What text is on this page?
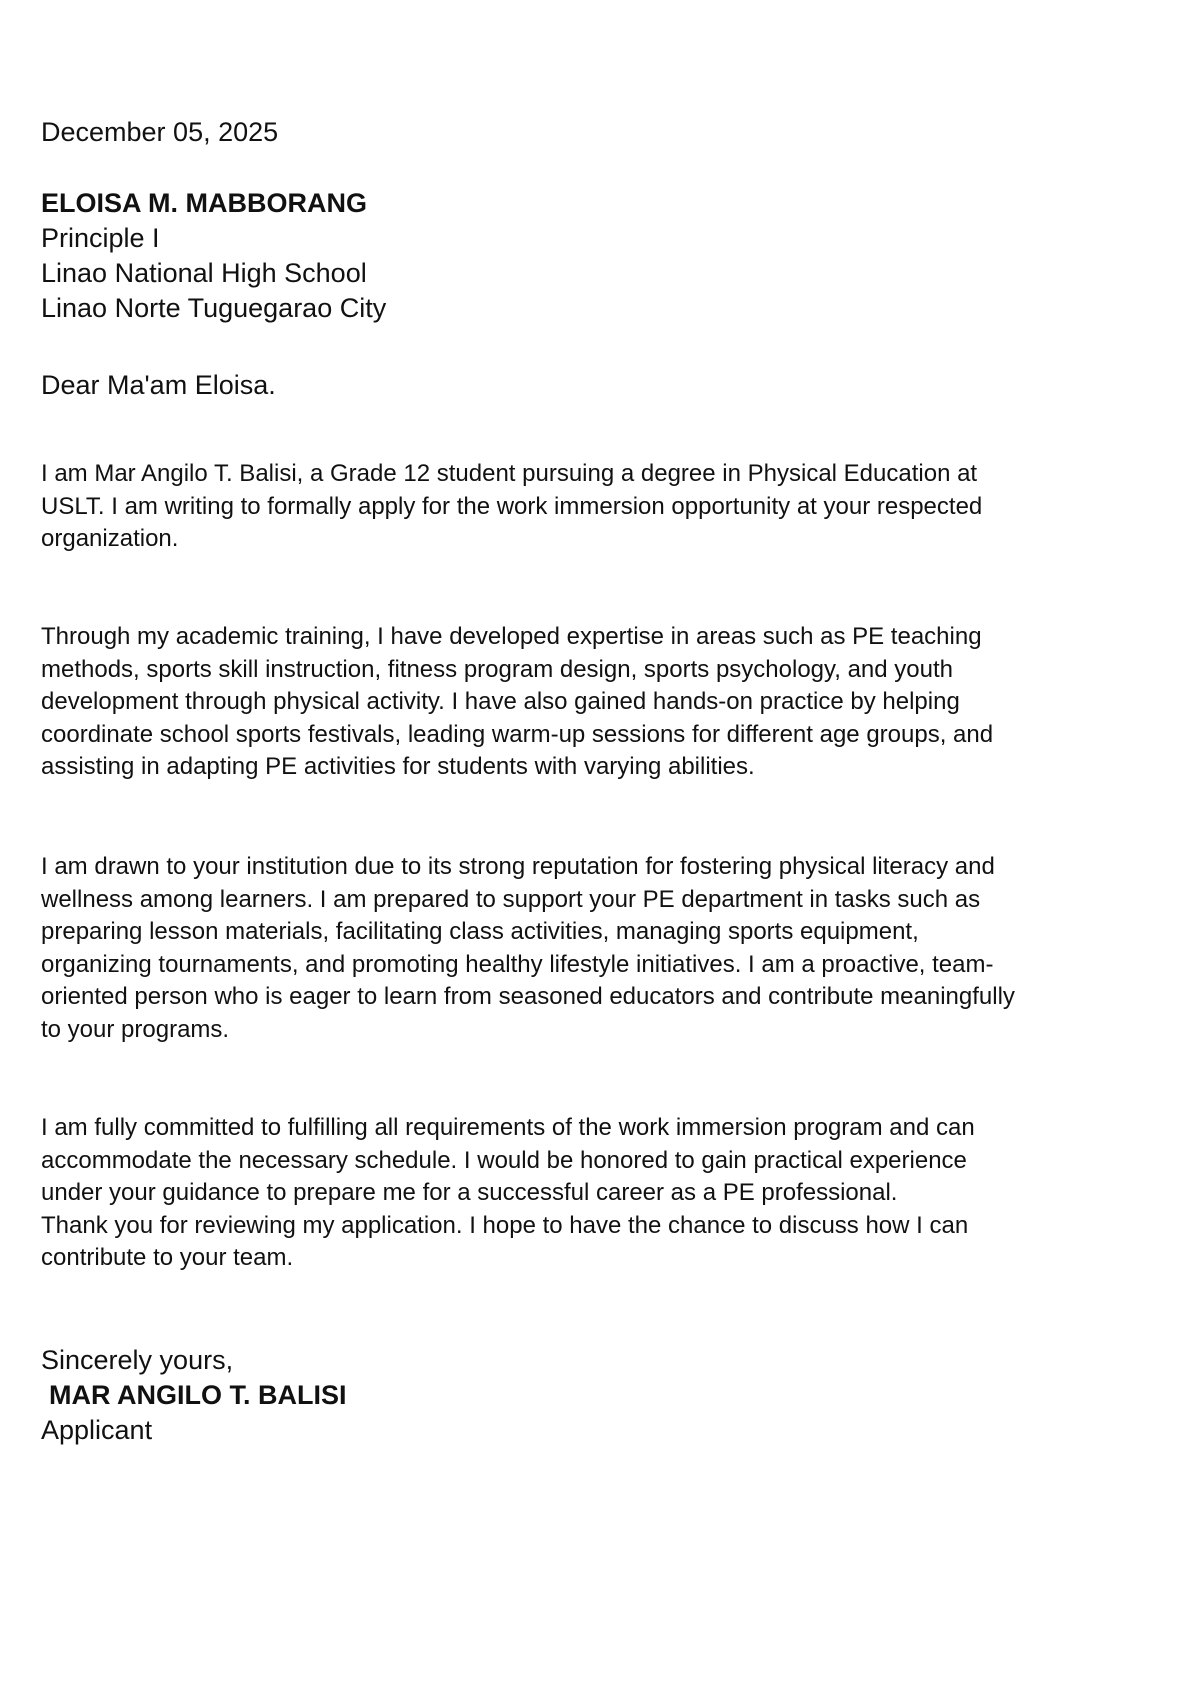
December 05, 2025

ELOISA M. MABBORANG
Principle I
Linao National High School
Linao Norte Tuguegarao City

Dear Ma'am Eloisa.

I am Mar Angilo T. Balisi, a Grade 12 student pursuing a degree in Physical Education at
USLT. I am writing to formally apply for the work immersion opportunity at your respected
organization.

Through my academic training, I have developed expertise in areas such as PE teaching
methods, sports skill instruction, fitness program design, sports psychology, and youth
development through physical activity. I have also gained hands-on practice by helping
coordinate school sports festivals, leading warm-up sessions for different age groups, and
assisting in adapting PE activities for students with varying abilities.

I am drawn to your institution due to its strong reputation for fostering physical literacy and
wellness among learners. I am prepared to support your PE department in tasks such as
preparing lesson materials, facilitating class activities, managing sports equipment,
organizing tournaments, and promoting healthy lifestyle initiatives. I am a proactive, team-
oriented person who is eager to learn from seasoned educators and contribute meaningfully
to your programs.

I am fully committed to fulfilling all requirements of the work immersion program and can
accommodate the necessary schedule. I would be honored to gain practical experience
under your guidance to prepare me for a successful career as a PE professional.
Thank you for reviewing my application. I hope to have the chance to discuss how I can
contribute to your team.

Sincerely yours,
MAR ANGILO T. BALISI
Applicant
